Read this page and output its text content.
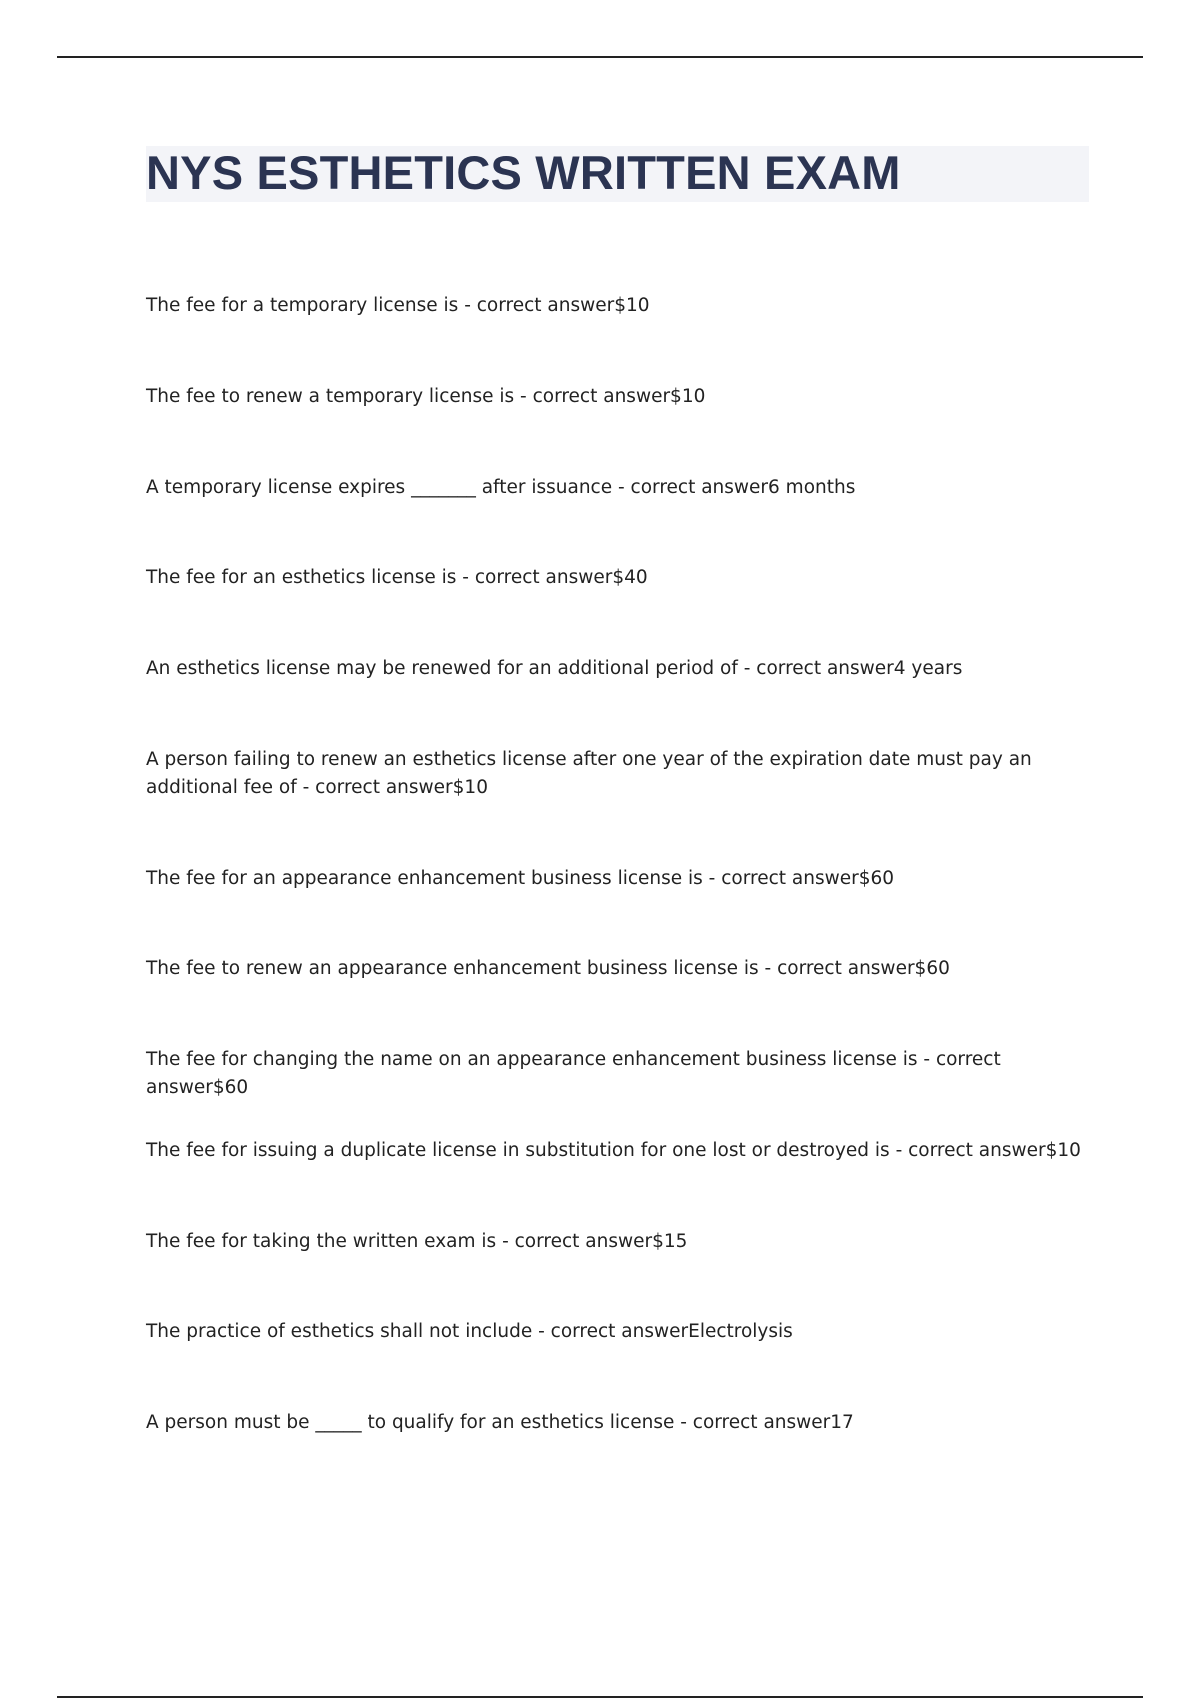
NYS ESTHETICS WRITTEN EXAM
The fee for a temporary license is - correct answer$10
The fee to renew a temporary license is - correct answer$10
A temporary license expires _______ after issuance - correct answer6 months
The fee for an esthetics license is - correct answer$40
An esthetics license may be renewed for an additional period of - correct answer4 years
A person failing to renew an esthetics license after one year of the expiration date must pay an additional fee of - correct answer$10
The fee for an appearance enhancement business license is - correct answer$60
The fee to renew an appearance enhancement business license is - correct answer$60
The fee for changing the name on an appearance enhancement business license is - correct answer$60
The fee for issuing a duplicate license in substitution for one lost or destroyed is - correct answer$10
The fee for taking the written exam is - correct answer$15
The practice of esthetics shall not include - correct answerElectrolysis
A person must be _____ to qualify for an esthetics license - correct answer17
